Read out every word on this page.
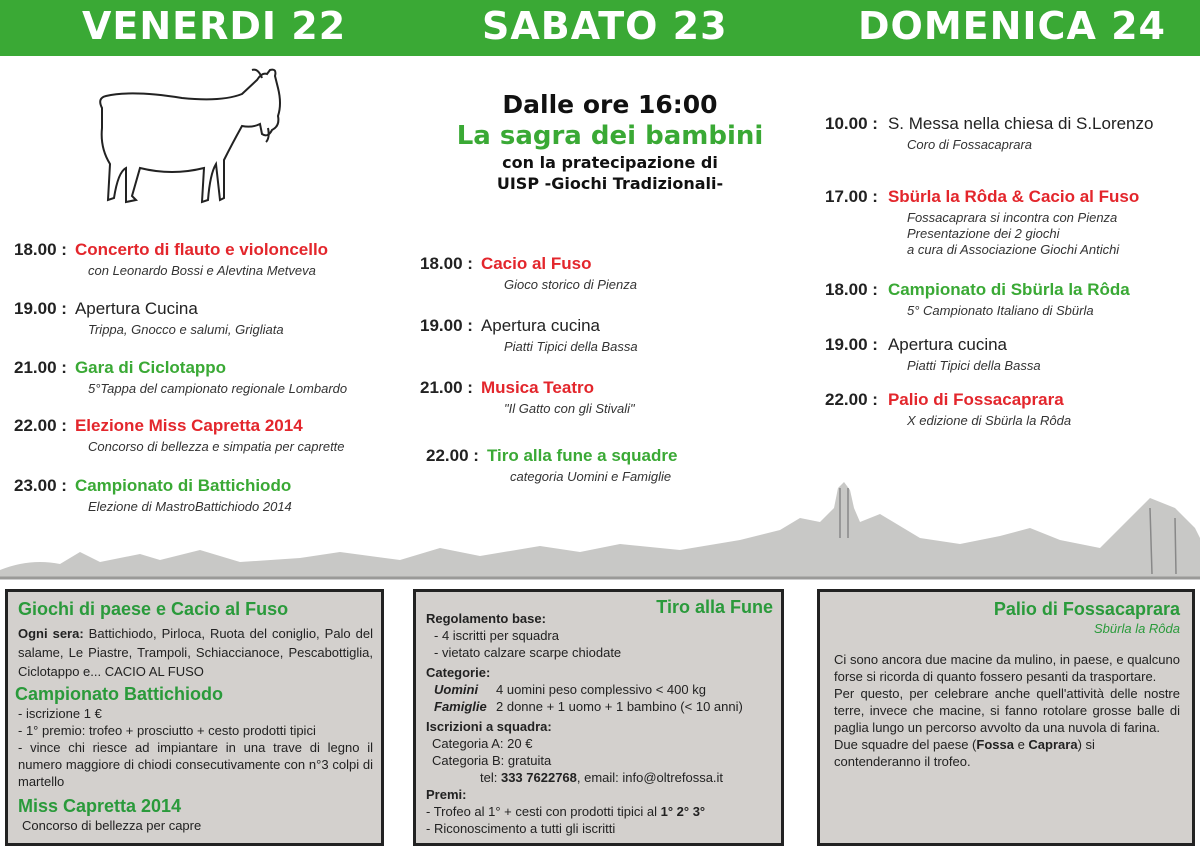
VENERDI 22	SABATO 23	DOMENICA 24
Dalle ore 16:00
La sagra dei bambini
con la pratecipazione di
UISP -Giochi Tradizionali-
18.00 : Concerto di flauto e violoncello
con Leonardo Bossi e Alevtina Metveva
19.00 : Apertura Cucina
Trippa, Gnocco e salumi, Grigliata
21.00 : Gara di Ciclotappo
5°Tappa del campionato regionale Lombardo
22.00 : Elezione Miss Capretta 2014
Concorso di bellezza e simpatia per caprette
23.00 : Campionato di Battichiodo
Elezione di MastroBattichiodo 2014
18.00 : Cacio al Fuso
Gioco storico di Pienza
19.00 : Apertura cucina
Piatti Tipici della Bassa
21.00 : Musica Teatro
"Il Gatto con gli Stivali"
22.00 : Tiro alla fune a squadre
categoria Uomini e Famiglie
10.00 : S. Messa nella chiesa di S.Lorenzo
Coro di Fossacaprara
17.00 : Sbürla la Rôda & Cacio al Fuso
Fossacaprara si incontra con Pienza
Presentazione dei 2 giochi
a cura di Associazione Giochi Antichi
18.00 : Campionato di Sbürla la Rôda
5° Campionato Italiano di Sbürla
19.00 : Apertura cucina
Piatti Tipici della Bassa
22.00 : Palio di Fossacaprara
X edizione di Sbürla la Rôda
Giochi di paese e Cacio al Fuso

Ogni sera: Battichiodo, Pirloca, Ruota del coniglio, Palo del salame, Le Piastre, Trampoli, Schiaccianoce, Pescabottiglia, Ciclotappo e... CACIO AL FUSO

Campionato Battichiodo

- iscrizione 1 €

- 1° premio: trofeo + prosciutto + cesto prodotti tipici

- vince chi riesce ad impiantare in una trave di legno il numero maggiore di chiodi consecutivamente con n°3 colpi di martello

Miss Capretta 2014

Concorso di bellezza per capre

Tiro alla Fune

Regolamento base:

- 4 iscritti per squadra

- vietato calzare scarpe chiodate

Categorie:

Uomini 4 uomini peso complessivo < 400 kg

Famiglie 2 donne + 1 uomo + 1 bambino (< 10 anni)

Iscrizioni a squadra:

Categoria A: 20 €

Categoria B: gratuita

tel: 333 7622768, email: info@oltrefossa.it

Premi:

- Trofeo al 1° + cesti con prodotti tipici al 1° 2° 3°

- Riconoscimento a tutti gli iscritti

Palio di Fossacaprara
Sbürla la Rôda

Ci sono ancora due macine da mulino, in paese, e qualcuno forse si ricorda di quanto fossero pesanti da trasportare.

Per questo, per celebrare anche quell'attività delle nostre terre, invece che macine, si fanno rotolare grosse balle di paglia lungo un percorso avvolto da una nuvola di farina.

Due squadre del paese (Fossa e Caprara) si contenderanno il trofeo.
